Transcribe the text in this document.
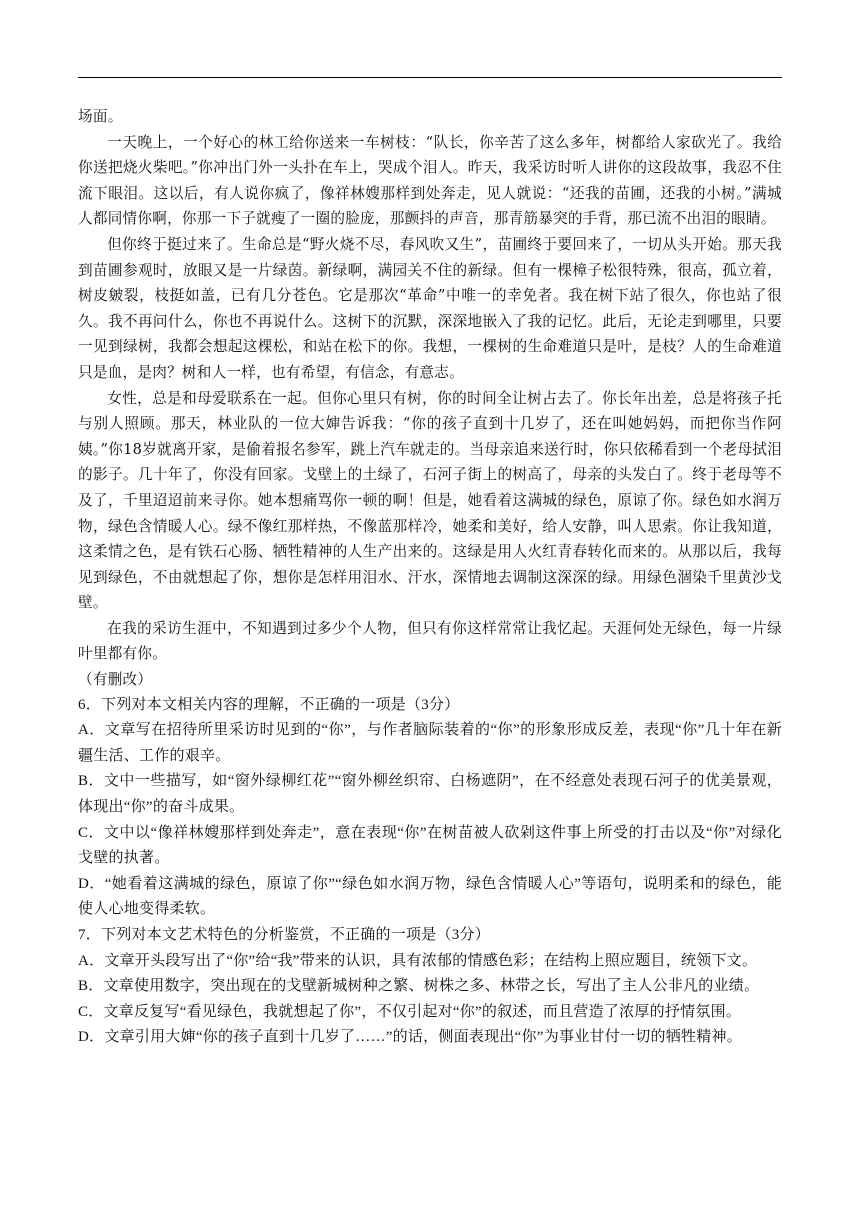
场面。

一天晚上，一个好心的林工给你送来一车树枝：“队长，你辛苦了这么多年，树都给人家砍光了。我给你送把烧火柴吧。”你冲出门外一头扑在车上，哭成个泪人。昨天，我采访时听人讲你的这段故事，我忍不住流下眼泪。这以后，有人说你疯了，像祥林嫂那样到处奔走，见人就说：“还我的苗圃，还我的小树。”满城人都同情你啊，你那一下子就瘦了一圈的脸庞，那颤抖的声音，那青筋暴突的手背，那已流不出泪的眼睛。

但你终于挺过来了。生命总是“野火烧不尽，春风吹又生”，苗圃终于要回来了，一切从头开始。那天我到苗圃参观时，放眼又是一片绿茵。新绿啊，满园关不住的新绿。但有一棵樟子松很特殊，很高，孤立着，树皮皴裂，枝挺如盖，已有几分苍色。它是那次“革命”中唯一的幸免者。我在树下站了很久，你也站了很久。我不再问什么，你也不再说什么。这树下的沉默，深深地嵌入了我的记忆。此后，无论走到哪里，只要一见到绿树，我都会想起这棵松，和站在松下的你。我想，一棵树的生命难道只是叶，是枝？人的生命难道只是血，是肉？树和人一样，也有希望，有信念，有意志。

女性，总是和母爱联系在一起。但你心里只有树，你的时间全让树占去了。你长年出差，总是将孩子托与别人照顾。那天，林业队的一位大婶告诉我：“你的孩子直到十几岁了，还在叫她妈妈，而把你当作阿姨。”你18岁就离开家，是偷着报名参军，跳上汽车就走的。当母亲追来送行时，你只依稀看到一个老母拭泪的影子。几十年了，你没有回家。戈壁上的土绿了，石河子街上的树高了，母亲的头发白了。终于老母等不及了，千里迢迢前来寻你。她本想痛骂你一顿的啊！但是，她看着这满城的绿色，原谅了你。绿色如水润万物，绿色含情暖人心。绿不像红那样热，不像蓝那样冷，她柔和美好，给人安静，叫人思索。你让我知道，这柔情之色，是有铁石心肠、牺牲精神的人生产出来的。这绿是用人火红青春转化而来的。从那以后，我每见到绿色，不由就想起了你，想你是怎样用泪水、汗水，深情地去调制这深深的绿。用绿色涸染千里黄沙戈壁。

在我的采访生涯中，不知遇到过多少个人物，但只有你这样常常让我忆起。天涯何处无绿色，每一片绿叶里都有你。

（有删改）

6．下列对本文相关内容的理解，不正确的一项是（3分）

A．文章写在招待所里采访时见到的“你”，与作者脑际装着的“你”的形象形成反差，表现“你”几十年在新疆生活、工作的艰辛。

B．文中一些描写，如“窗外绿柳红花”“窗外柳丝织帘、白杨遮阴”，在不经意处表现石河子的优美景观，体现出“你”的奋斗成果。

C．文中以“像祥林嫂那样到处奔走”，意在表现“你”在树苗被人砍剁这件事上所受的打击以及“你”对绿化戈壁的执著。

D．“她看着这满城的绿色，原谅了你”“绿色如水润万物，绿色含情暖人心”等语句，说明柔和的绿色，能使人心地变得柔软。

7．下列对本文艺术特色的分析鉴赏，不正确的一项是（3分）

A．文章开头段写出了“你”给“我”带来的认识，具有浓郁的情感色彩；在结构上照应题目，统领下文。

B．文章使用数字，突出现在的戈壁新城树种之繁、树株之多、林带之长，写出了主人公非凡的业绩。

C．文章反复写“看见绿色，我就想起了你”，不仅引起对“你”的叙述，而且营造了浓厚的抒情氛围。

D．文章引用大婶“你的孩子直到十几岁了……”的话，侧面表现出“你”为事业甘付一切的牺牲精神。
